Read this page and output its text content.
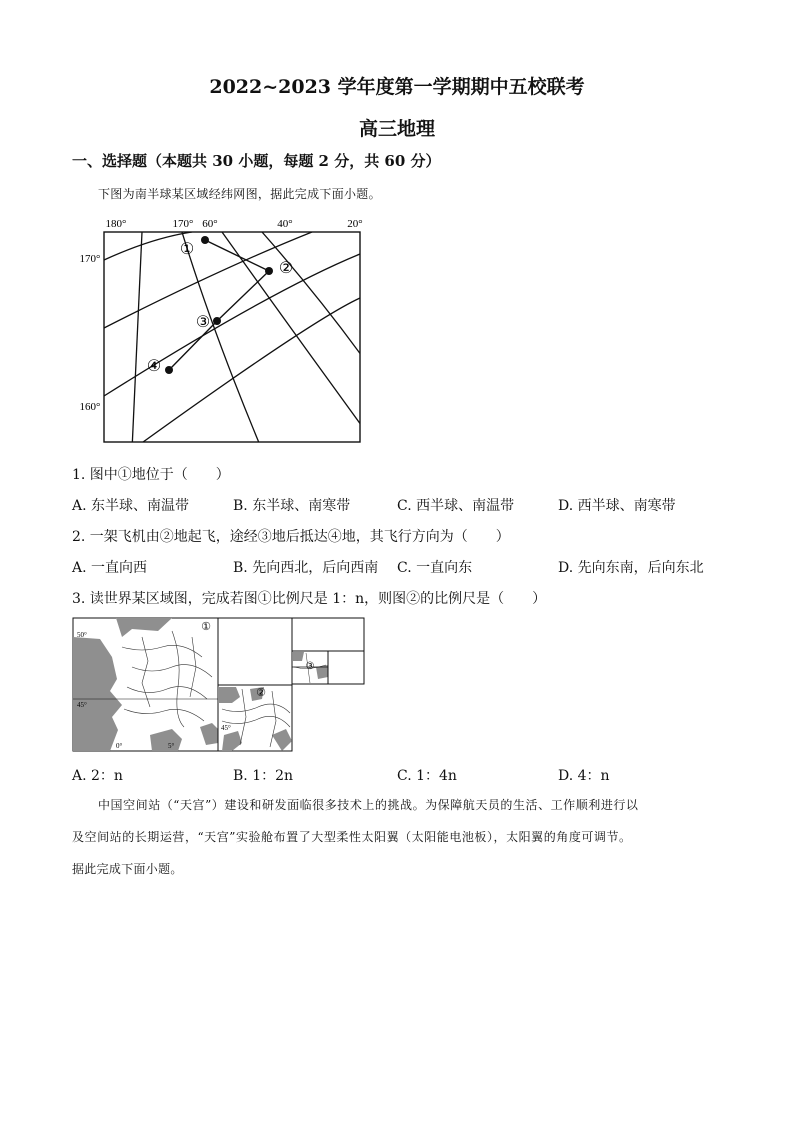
2022~2023 学年度第一学期期中五校联考
高三地理
一、选择题（本题共 30 小题，每题 2 分，共 60 分）
下图为南半球某区域经纬网图，据此完成下面小题。
180°	170° 60°	40°	20°
170°
160°
①
②
③
④
1. 图中①地位于（　　）
A. 东半球、南温带	B. 东半球、南寒带	C. 西半球、南温带	D. 西半球、南寒带
2. 一架飞机由②地起飞，途经③地后抵达④地，其飞行方向为（　　）
A. 一直向西	B. 先向西北，后向西南 C. 一直向东	D. 先向东南，后向东北
3. 读世界某区域图，完成若图①比例尺是 1：n，则图②的比例尺是（　　）
50°
45°
0°	5°
①
②
45°
③
A. 2：n	B. 1：2n	C. 1：4n	D. 4：n
中国空间站（“天宫”）建设和研发面临很多技术上的挑战。为保障航天员的生活、工作顺利进行以
及空间站的长期运营，“天宫”实验舱布置了大型柔性太阳翼（太阳能电池板），太阳翼的角度可调节。
据此完成下面小题。
